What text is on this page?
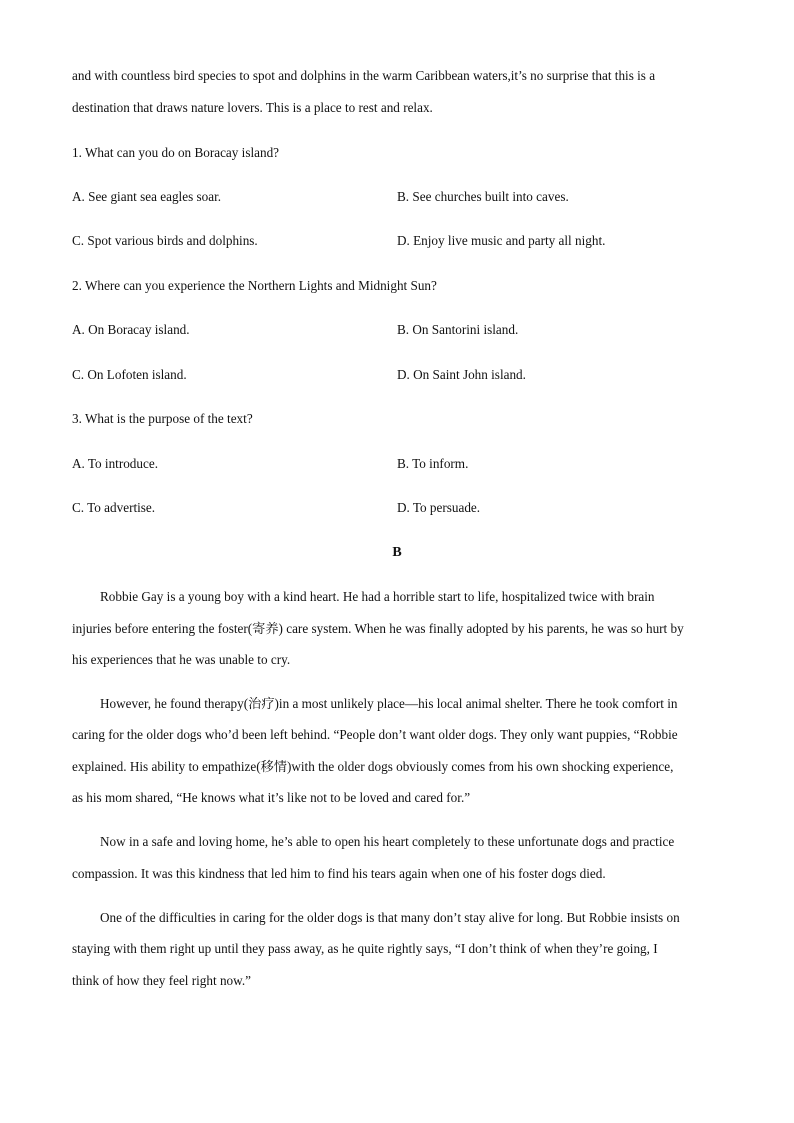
and with countless bird species to spot and dolphins in the warm Caribbean waters,it’s no surprise that this is a
destination that draws nature lovers. This is a place to rest and relax.
1. What can you do on Boracay island?
A. See giant sea eagles soar.	B. See churches built into caves.
C. Spot various birds and dolphins.	D. Enjoy live music and party all night.
2. Where can you experience the Northern Lights and Midnight Sun?
A. On Boracay island.	B. On Santorini island.
C. On Lofoten island.	D. On Saint John island.
3. What is the purpose of the text?
A. To introduce.	B. To inform.
C. To advertise.	D. To persuade.
B
Robbie Gay is a young boy with a kind heart. He had a horrible start to life, hospitalized twice with brain
injuries before entering the foster(寄养) care system. When he was finally adopted by his parents, he was so hurt by
his experiences that he was unable to cry.
However, he found therapy(治疗)in a most unlikely place—his local animal shelter. There he took comfort in
caring for the older dogs who’d been left behind. “People don’t want older dogs. They only want puppies, “Robbie
explained. His ability to empathize(移情)with the older dogs obviously comes from his own shocking experience,
as his mom shared, “He knows what it’s like not to be loved and cared for.”
Now in a safe and loving home, he’s able to open his heart completely to these unfortunate dogs and practice
compassion. It was this kindness that led him to find his tears again when one of his foster dogs died.
One of the difficulties in caring for the older dogs is that many don’t stay alive for long. But Robbie insists on
staying with them right up until they pass away, as he quite rightly says, “I don’t think of when they’re going, I
think of how they feel right now.”
